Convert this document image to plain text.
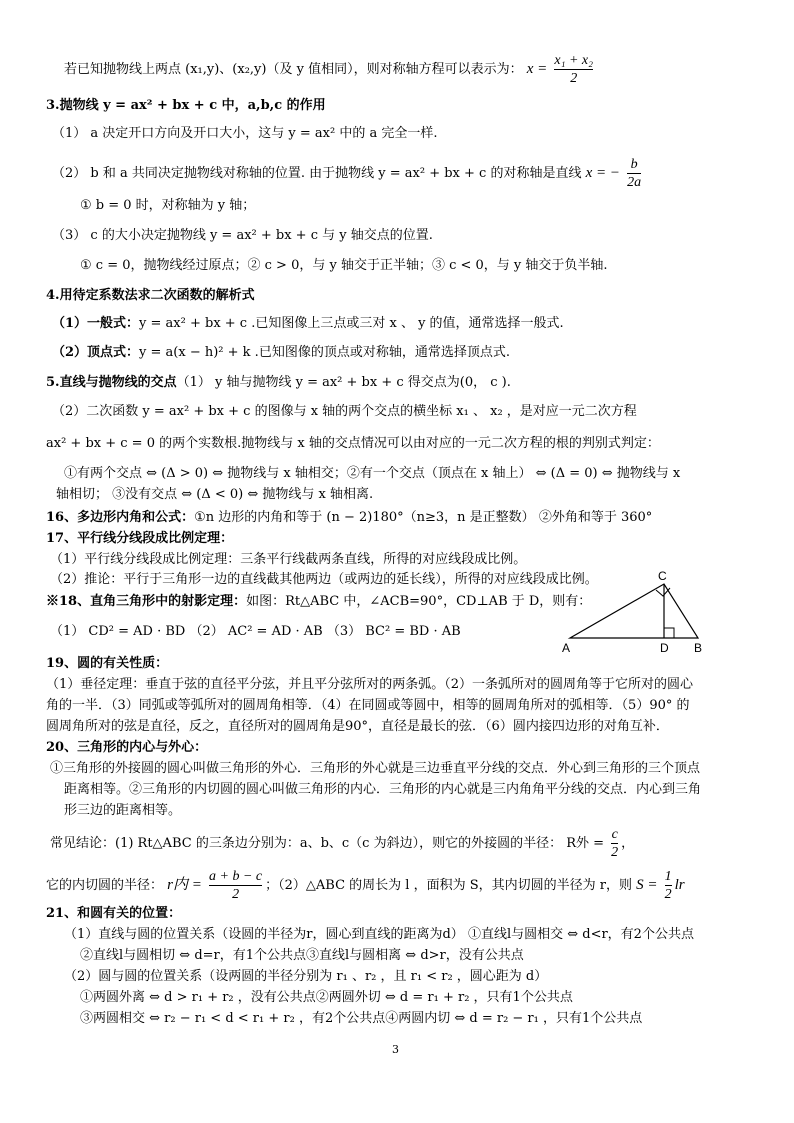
若已知抛物线上两点 (x₁,y)、(x₂,y)（及 y 值相同），则对称轴方程可以表示为： $x = \frac{\text{x₁ + x₂}}{2}$
3.抛物线 y = ax² + bx + c 中，a,b,c 的作用
（1） a 决定开口方向及开口大小，这与 y = ax² 中的 a 完全一样.
（2） b 和 a 共同决定抛物线对称轴的位置. 由于抛物线 y = ax² + bx + c 的对称轴是直线 x = − $\frac{b}{2a}$
① b = 0 时，对称轴为 y 轴；
（3） c 的大小决定抛物线 y = ax² + bx + c 与 y 轴交点的位置.
① c = 0，抛物线经过原点；② c > 0，与 y 轴交于正半轴；③ c < 0，与 y 轴交于负半轴.
4.用待定系数法求二次函数的解析式
（1）一般式：y = ax² + bx + c .已知图像上三点或三对 x 、 y 的值，通常选择一般式.
（2）顶点式：y = a(x − h)² + k .已知图像的顶点或对称轴，通常选择顶点式.
5.直线与抛物线的交点（1） y 轴与抛物线 y = ax² + bx + c 得交点为(0， c ).
（2）二次函数 y = ax² + bx + c 的图像与 x 轴的两个交点的横坐标 x₁ 、 x₂ ，是对应一元二次方程
ax² + bx + c = 0 的两个实数根.抛物线与 x 轴的交点情况可以由对应的一元二次方程的根的判别式判定：
①有两个交点 ⇔ (Δ > 0) ⇔ 抛物线与 x 轴相交；②有一个交点（顶点在 x 轴上） ⇔ (Δ = 0) ⇔ 抛物线与 x
轴相切； ③没有交点 ⇔ (Δ < 0) ⇔ 抛物线与 x 轴相离.
16、多边形内角和公式：①n 边形的内角和等于 (n − 2)180°（n≥3，n 是正整数） ②外角和等于 360°
17、平行线分线段成比例定理：
（1）平行线分线段成比例定理：三条平行线截两条直线，所得的对应线段成比例。
（2）推论：平行于三角形一边的直线截其他两边（或两边的延长线），所得的对应线段成比例。
※18、直角三角形中的射影定理：如图：Rt△ABC 中，∠ACB=90°，CD⊥AB 于 D，则有：
（1） CD² = AD · BD （2） AC² = AD · AB （3） BC² = BD · AB
A	B
C
D
19、圆的有关性质：
（1）垂径定理：垂直于弦的直径平分弦，并且平分弦所对的两条弧。（2）一条弧所对的圆周角等于它所对的圆心
角的一半．（3）同弧或等弧所对的圆周角相等．（4）在同圆或等圆中，相等的圆周角所对的弧相等．（5）90° 的
圆周角所对的弦是直径，反之，直径所对的圆周角是90°，直径是最长的弦．（6）圆内接四边形的对角互补．
20、三角形的内心与外心：
①三角形的外接圆的圆心叫做三角形的外心．三角形的外心就是三边垂直平分线的交点．外心到三角形的三个顶点
距离相等。②三角形的内切圆的圆心叫做三角形的内心．三角形的内心就是三内角角平分线的交点．内心到三角
形三边的距离相等。
常见结论：(1) Rt△ABC 的三条边分别为：a、b、c（c 为斜边），则它的外接圆的半径： R外 = $\frac{c}{2}$ ，
它的内切圆的半径： r内 = $\frac{a + b - c}{2}$ ；（2）△ABC 的周长为 l ，面积为 S，其内切圆的半径为 r，则 $S = \frac{1}{2}$ lr
21、和圆有关的位置：
（1）直线与圆的位置关系（设圆的半径为r，圆心到直线的距离为d） ①直线l与圆相交 ⇔ d<r，有2个公共点
②直线l与圆相切 ⇔ d=r，有1个公共点③直线l与圆相离 ⇔ d>r，没有公共点
（2）圆与圆的位置关系（设两圆的半径分别为 r₁ 、r₂ ，且 r₁ < r₂ ，圆心距为 d）
①两圆外离 ⇔ d > r₁ + r₂ ，没有公共点②两圆外切 ⇔ d = r₁ + r₂ ，只有1个公共点
③两圆相交 ⇔ r₂ − r₁ < d < r₁ + r₂ ，有2个公共点④两圆内切 ⇔ d = r₂ − r₁ ，只有1个公共点
3
